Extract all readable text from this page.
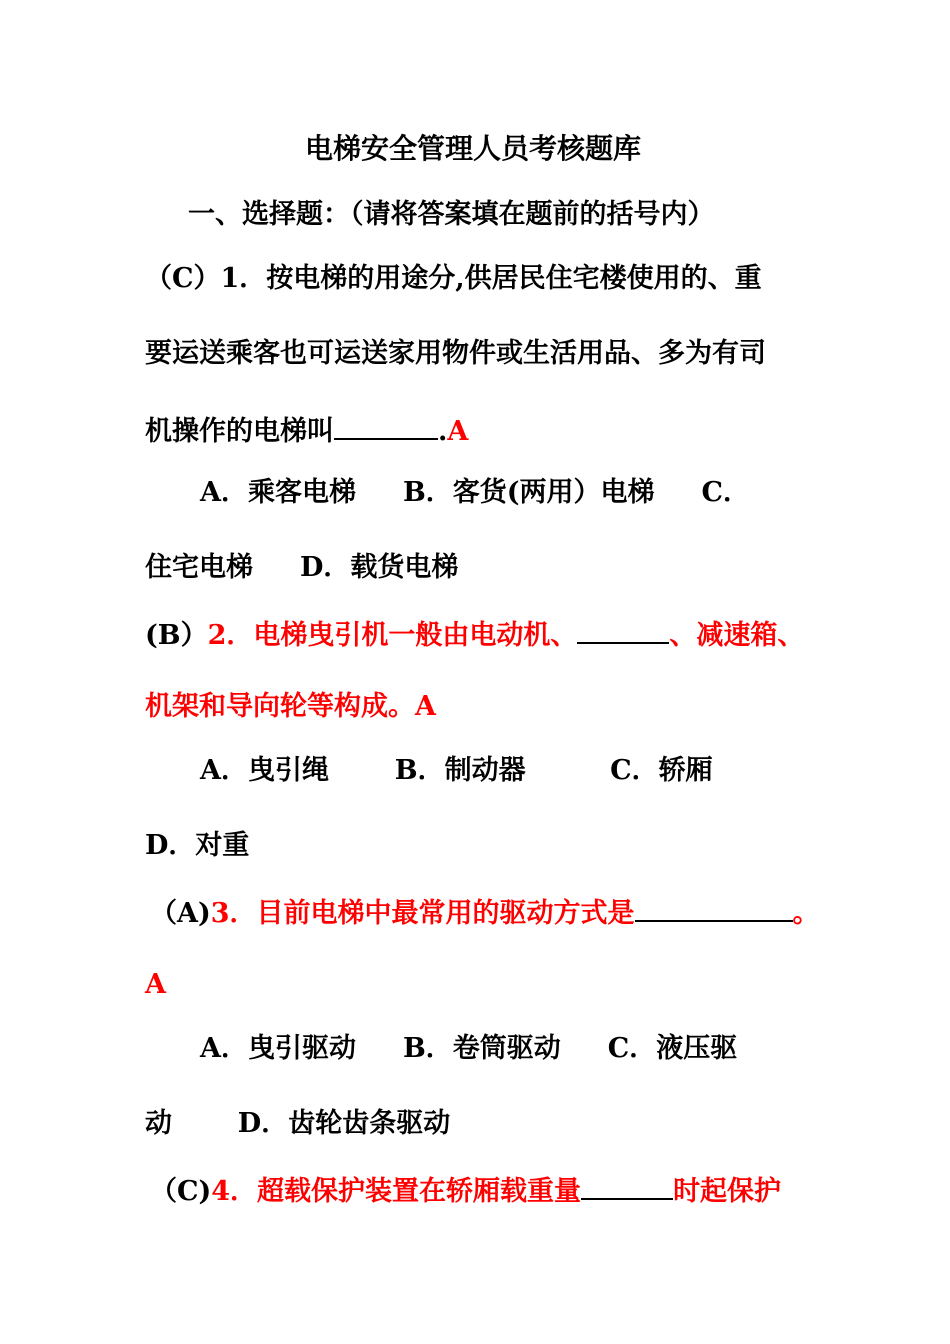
电梯安全管理人员考核题库
一、选择题：（请将答案填在题前的括号内）
（C）1．按电梯的用途分,供居民住宅楼使用的、重
要运送乘客也可运送家用物件或生活用品、多为有司
机操作的电梯叫	.A
A．乘客电梯     B．客货(两用）电梯     C．
住宅电梯     D．载货电梯
(B）2．电梯曳引机一般由电动机、	、减速箱、
机架和导向轮等构成。A
A．曳引绳       B．制动器         C．轿厢
D．对重
（A)3．目前电梯中最常用的驱动方式是	。
A
A．曳引驱动     B．卷筒驱动     C．液压驱
动       D．齿轮齿条驱动
（C)4．超载保护装置在轿厢载重量	时起保护
